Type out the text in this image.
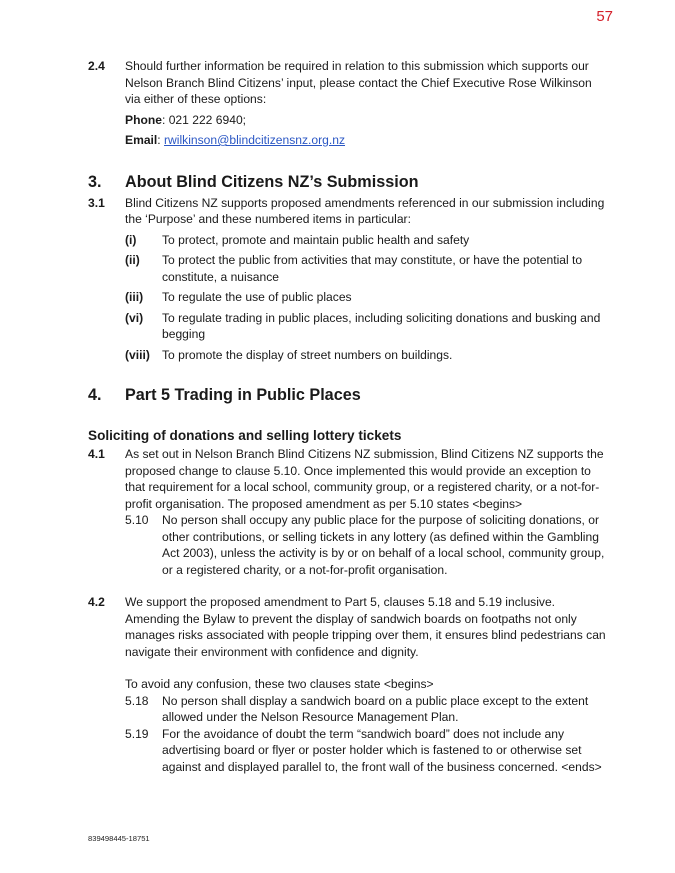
57
2.4 Should further information be required in relation to this submission which supports our Nelson Branch Blind Citizens’ input, please contact the Chief Executive Rose Wilkinson via either of these options:
Phone: 021 222 6940;
Email: rwilkinson@blindcitizensnz.org.nz
3. About Blind Citizens NZ’s Submission
3.1 Blind Citizens NZ supports proposed amendments referenced in our submission including the ‘Purpose’ and these numbered items in particular:
(i) To protect, promote and maintain public health and safety
(ii) To protect the public from activities that may constitute, or have the potential to constitute, a nuisance
(iii) To regulate the use of public places
(vi) To regulate trading in public places, including soliciting donations and busking and begging
(viii) To promote the display of street numbers on buildings.
4. Part 5 Trading in Public Places
Soliciting of donations and selling lottery tickets
4.1 As set out in Nelson Branch Blind Citizens NZ submission, Blind Citizens NZ supports the proposed change to clause 5.10. Once implemented this would provide an exception to that requirement for a local school, community group, or a registered charity, or a not-for-profit organisation. The proposed amendment as per 5.10 states <begins>
5.10 No person shall occupy any public place for the purpose of soliciting donations, or other contributions, or selling tickets in any lottery (as defined within the Gambling Act 2003), unless the activity is by or on behalf of a local school, community group, or a registered charity, or a not-for-profit organisation.
4.2 We support the proposed amendment to Part 5, clauses 5.18 and 5.19 inclusive. Amending the Bylaw to prevent the display of sandwich boards on footpaths not only manages risks associated with people tripping over them, it ensures blind pedestrians can navigate their environment with confidence and dignity.
To avoid any confusion, these two clauses state <begins>
5.18 No person shall display a sandwich board on a public place except to the extent allowed under the Nelson Resource Management Plan.
5.19 For the avoidance of doubt the term “sandwich board” does not include any advertising board or flyer or poster holder which is fastened to or otherwise set against and displayed parallel to, the front wall of the business concerned. <ends>
839498445-18751
